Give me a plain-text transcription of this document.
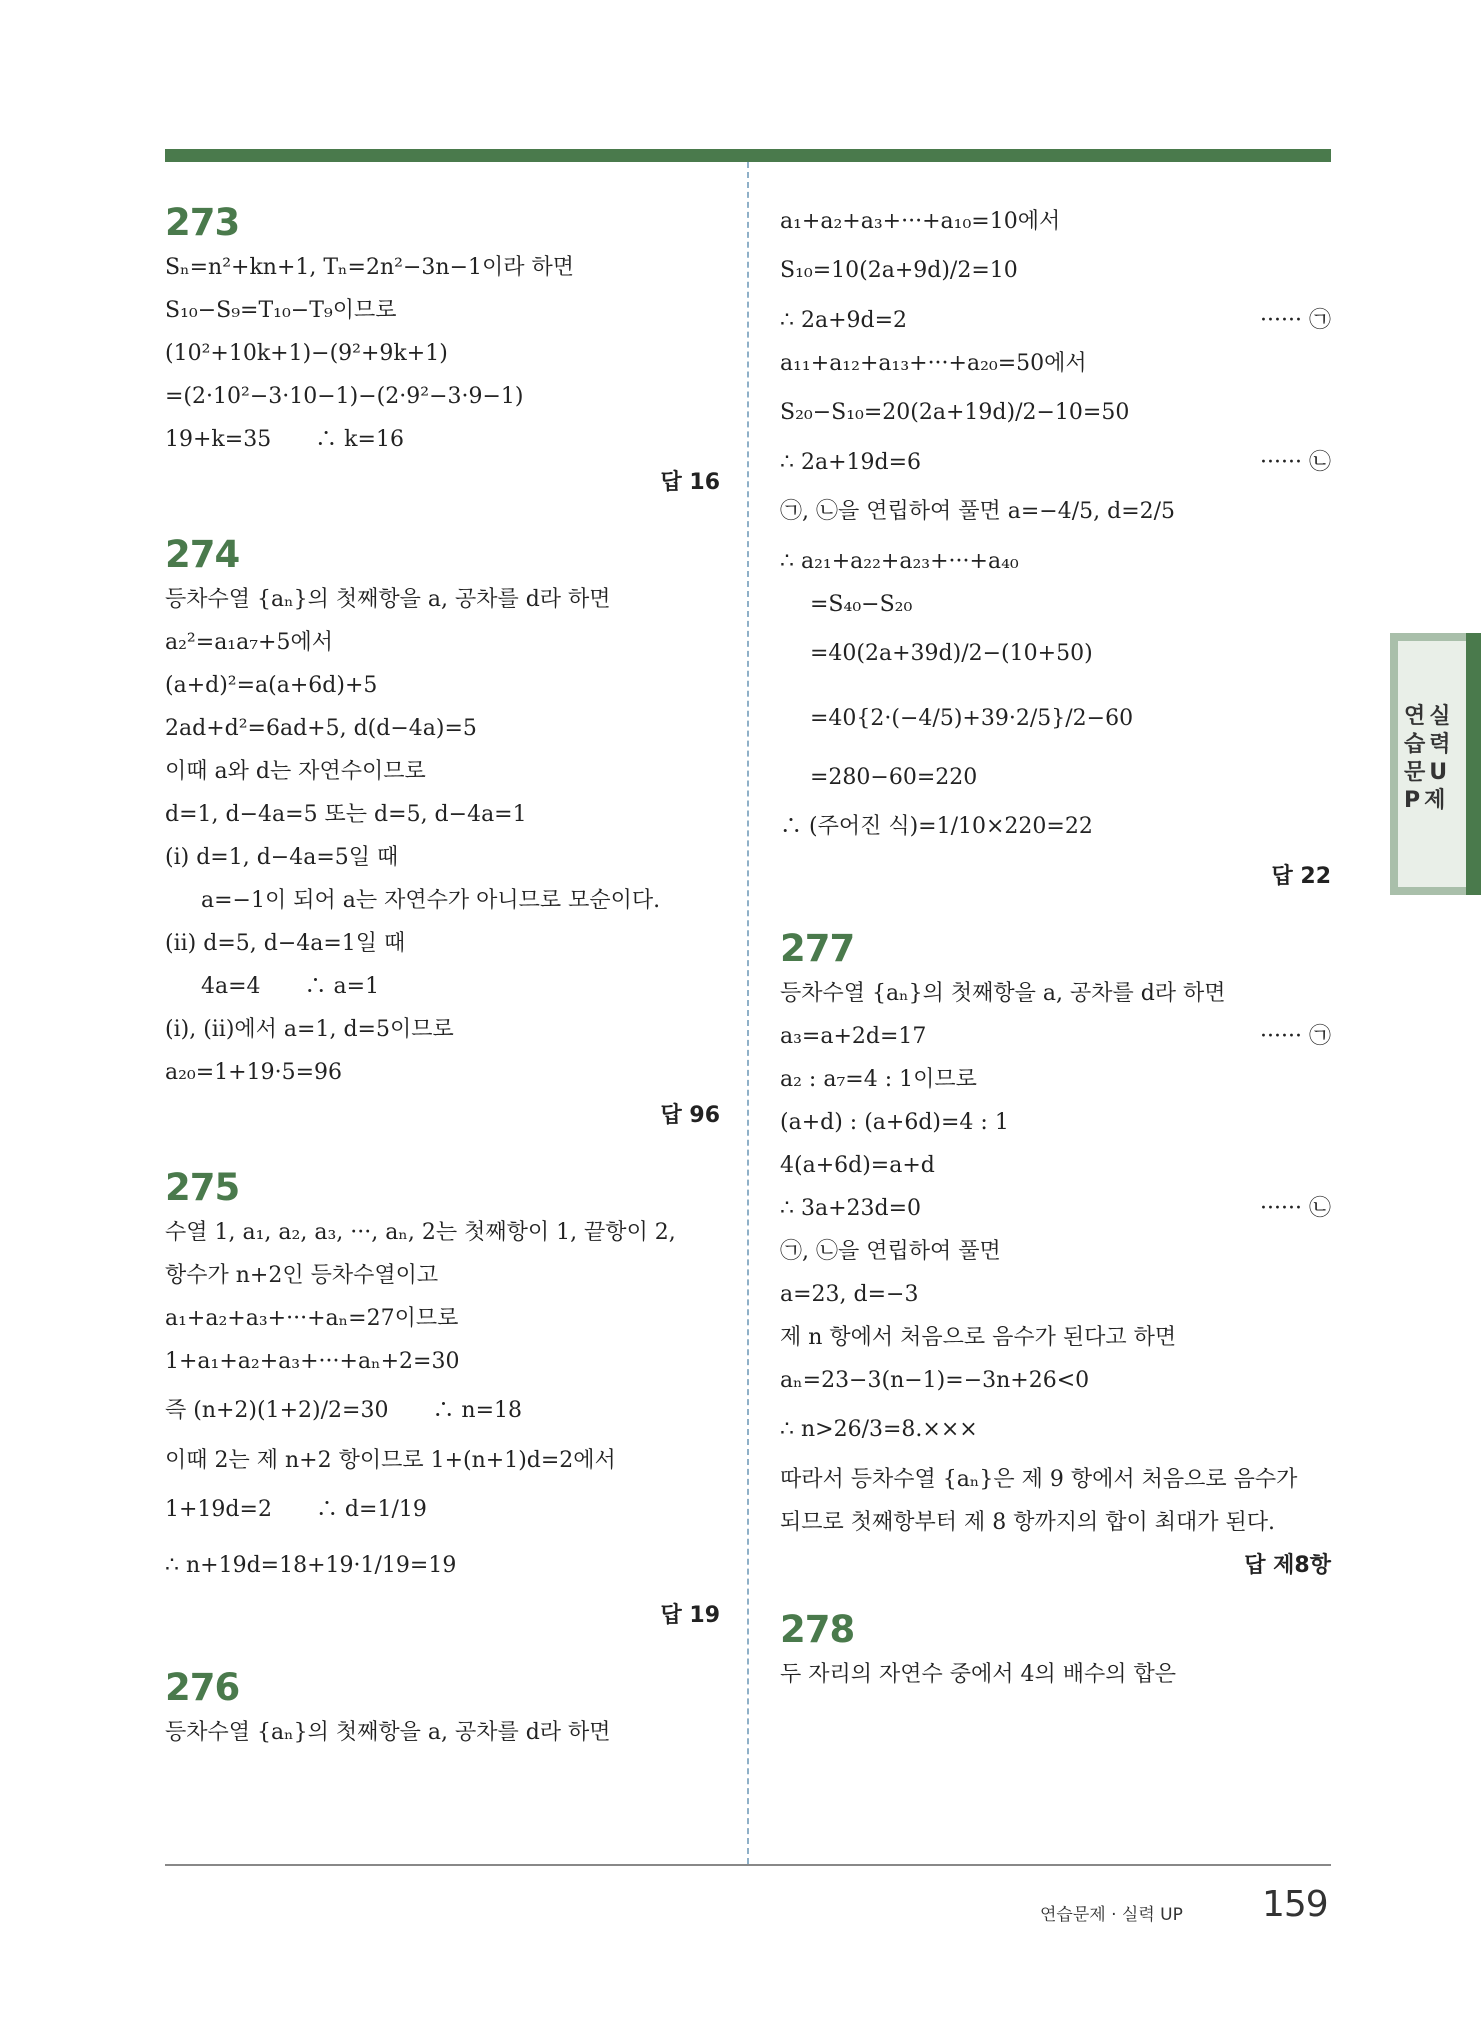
273
Sₙ=n²+kn+1, Tₙ=2n²−3n−1이라 하면
S₁₀−S₉=T₁₀−T₉이므로
(10²+10k+1)−(9²+9k+1)
=(2·10²−3·10−1)−(2·9²−3·9−1)
19+k=35　　∴ k=16
답 16
274
등차수열 {aₙ}의 첫째항을 a, 공차를 d라 하면
a₂²=a₁a₇+5에서
(a+d)²=a(a+6d)+5
2ad+d²=6ad+5, d(d−4a)=5
이때 a와 d는 자연수이므로
d=1, d−4a=5 또는 d=5, d−4a=1
(i) d=1, d−4a=5일 때
a=−1이 되어 a는 자연수가 아니므로 모순이다.
(ii) d=5, d−4a=1일 때
4a=4　　∴ a=1
(i), (ii)에서 a=1, d=5이므로
a₂₀=1+19·5=96
답 96
275
수열 1, a₁, a₂, a₃, ···, aₙ, 2는 첫째항이 1, 끝항이 2,
항수가 n+2인 등차수열이고
a₁+a₂+a₃+···+aₙ=27이므로
1+a₁+a₂+a₃+···+aₙ+2=30
즉 (n+2)(1+2)/2=30　　∴ n=18
이때 2는 제 n+2 항이므로 1+(n+1)d=2에서
1+19d=2　　∴ d=1/19
∴ n+19d=18+19·1/19=19
답 19
276
등차수열 {aₙ}의 첫째항을 a, 공차를 d라 하면
a₁+a₂+a₃+···+a₁₀=10에서
S₁₀=10(2a+9d)/2=10
∴ 2a+9d=2	······ ㉠
a₁₁+a₁₂+a₁₃+···+a₂₀=50에서
S₂₀−S₁₀=20(2a+19d)/2−10=50
∴ 2a+19d=6	······ ㉡
㉠, ㉡을 연립하여 풀면 a=−4/5, d=2/5
∴ a₂₁+a₂₂+a₂₃+···+a₄₀
=S₄₀−S₂₀
=40(2a+39d)/2−(10+50)
=40{2·(−4/5)+39·2/5}/2−60
=280−60=220
∴ (주어진 식)=1/10×220=22
답 22
277
등차수열 {aₙ}의 첫째항을 a, 공차를 d라 하면
a₃=a+2d=17	······ ㉠
a₂ : a₇=4 : 1이므로
(a+d) : (a+6d)=4 : 1
4(a+6d)=a+d
∴ 3a+23d=0	······ ㉡
㉠, ㉡을 연립하여 풀면
a=23, d=−3
제 n 항에서 처음으로 음수가 된다고 하면
aₙ=23−3(n−1)=−3n+26<0
∴ n>26/3=8.×××
따라서 등차수열 {aₙ}은 제 9 항에서 처음으로 음수가
되므로 첫째항부터 제 8 항까지의 합이 최대가 된다.
답 제8항
278
두 자리의 자연수 중에서 4의 배수의 합은
연실습력문UP제
연습문제 · 실력 UP 159
